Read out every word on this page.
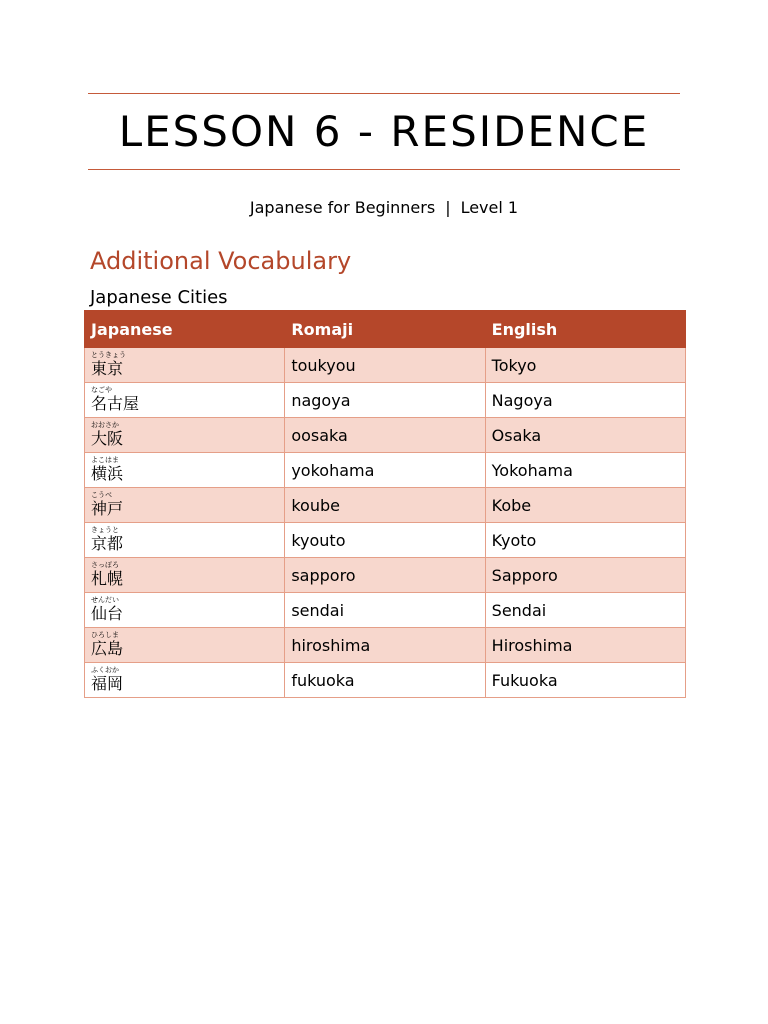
LESSON 6 - RESIDENCE
Japanese for Beginners | Level 1
Additional Vocabulary
Japanese Cities
Japanese	Romaji	English

とうきょう
東京	toukyou	Tokyo

なごや
名古屋	nagoya	Nagoya

おおさか
大阪	oosaka	Osaka

よこはま
横浜	yokohama	Yokohama

こうべ
神戸	koube	Kobe

きょうと
京都	kyouto	Kyoto

さっぽろ
札幌	sapporo	Sapporo

せんだい
仙台	sendai	Sendai

ひろしま
広島	hiroshima	Hiroshima

ふくおか
福岡	fukuoka	Fukuoka
